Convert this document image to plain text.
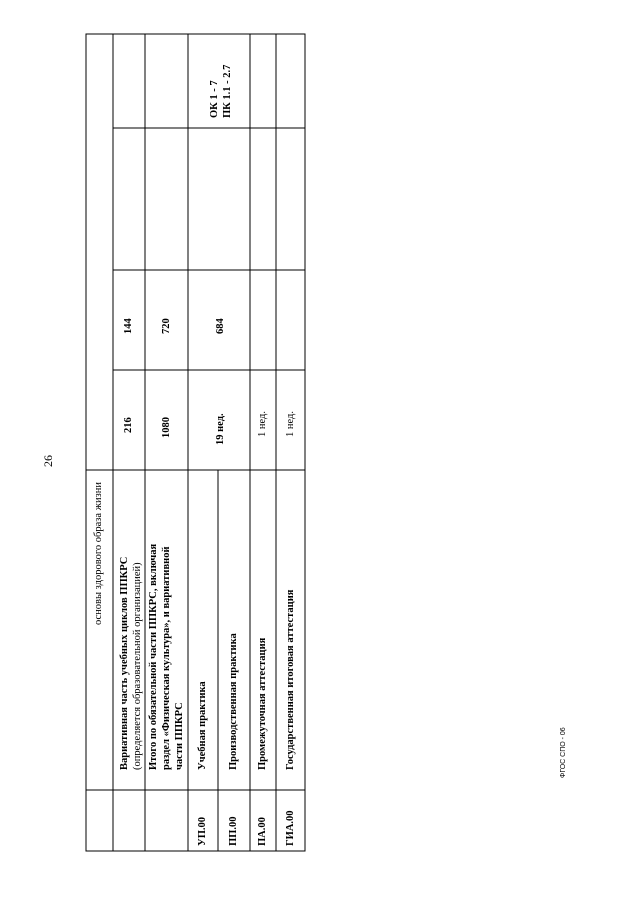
26
ФГОС СПО - 06

основы здорового образа жизни

Вариативная часть учебных циклов ППКРС (определяется образовательной организацией)

216

144

Итого по обязательной части ППКРС, включая раздел «Физическая культура», и вариативной части ППКРС

1080

720

УП.00

Учебная практика

ПП.00

Производственная практика

19 нед.

684

ОК 1 - 7 ПК 1.1 - 2.7

ПА.00

Промежуточная аттестация

1 нед.

ГИА.00

Государственная итоговая аттестация

1 нед.
